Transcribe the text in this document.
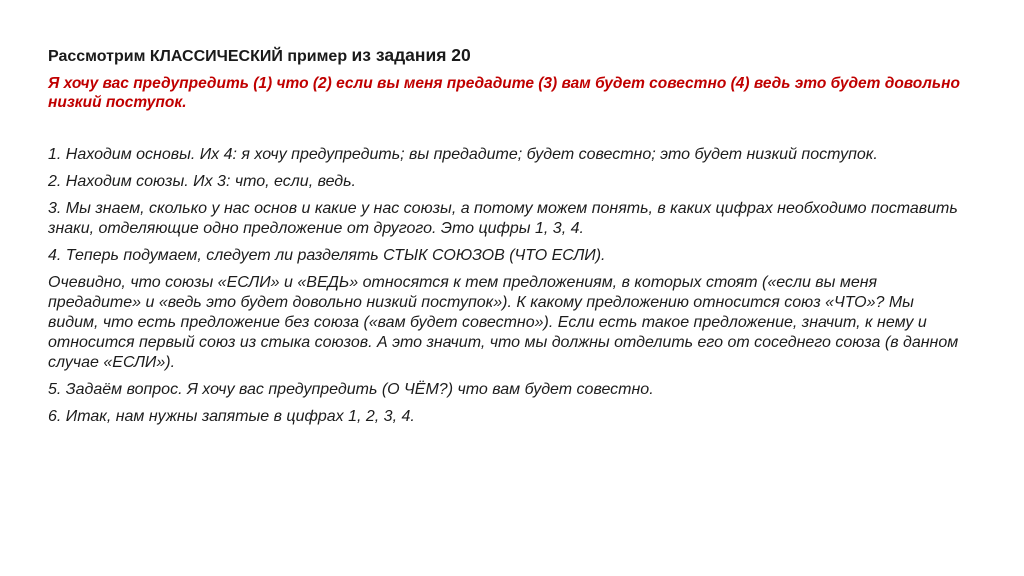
Рассмотрим КЛАССИЧЕСКИЙ пример из задания 20
Я хочу вас предупредить (1) что (2) если вы меня предадите (3) вам будет совестно (4) ведь это будет довольно низкий поступок.
1. Находим основы. Их 4: я хочу предупредить; вы предадите; будет совестно; это будет низкий поступок.
2. Находим союзы. Их 3: что, если, ведь.
3. Мы знаем, сколько у нас основ и какие у нас союзы, а потому можем понять, в каких цифрах необходимо поставить знаки, отделяющие одно предложение от другого. Это цифры 1, 3, 4.
4. Теперь подумаем, следует ли разделять СТЫК СОЮЗОВ (ЧТО ЕСЛИ).
Очевидно, что союзы «ЕСЛИ» и «ВЕДЬ» относятся к тем предложениям, в которых стоят («если вы меня предадите» и «ведь это будет довольно низкий поступок»). К какому предложению относится союз «ЧТО»? Мы видим, что есть предложение без союза («вам будет совестно»). Если есть такое предложение, значит, к нему и относится первый союз из стыка союзов. А это значит, что мы должны отделить его от соседнего союза (в данном случае «ЕСЛИ»).
5. Задаём вопрос. Я хочу вас предупредить (О ЧЁМ?) что вам будет совестно.
6. Итак, нам нужны запятые в цифрах 1, 2, 3, 4.
